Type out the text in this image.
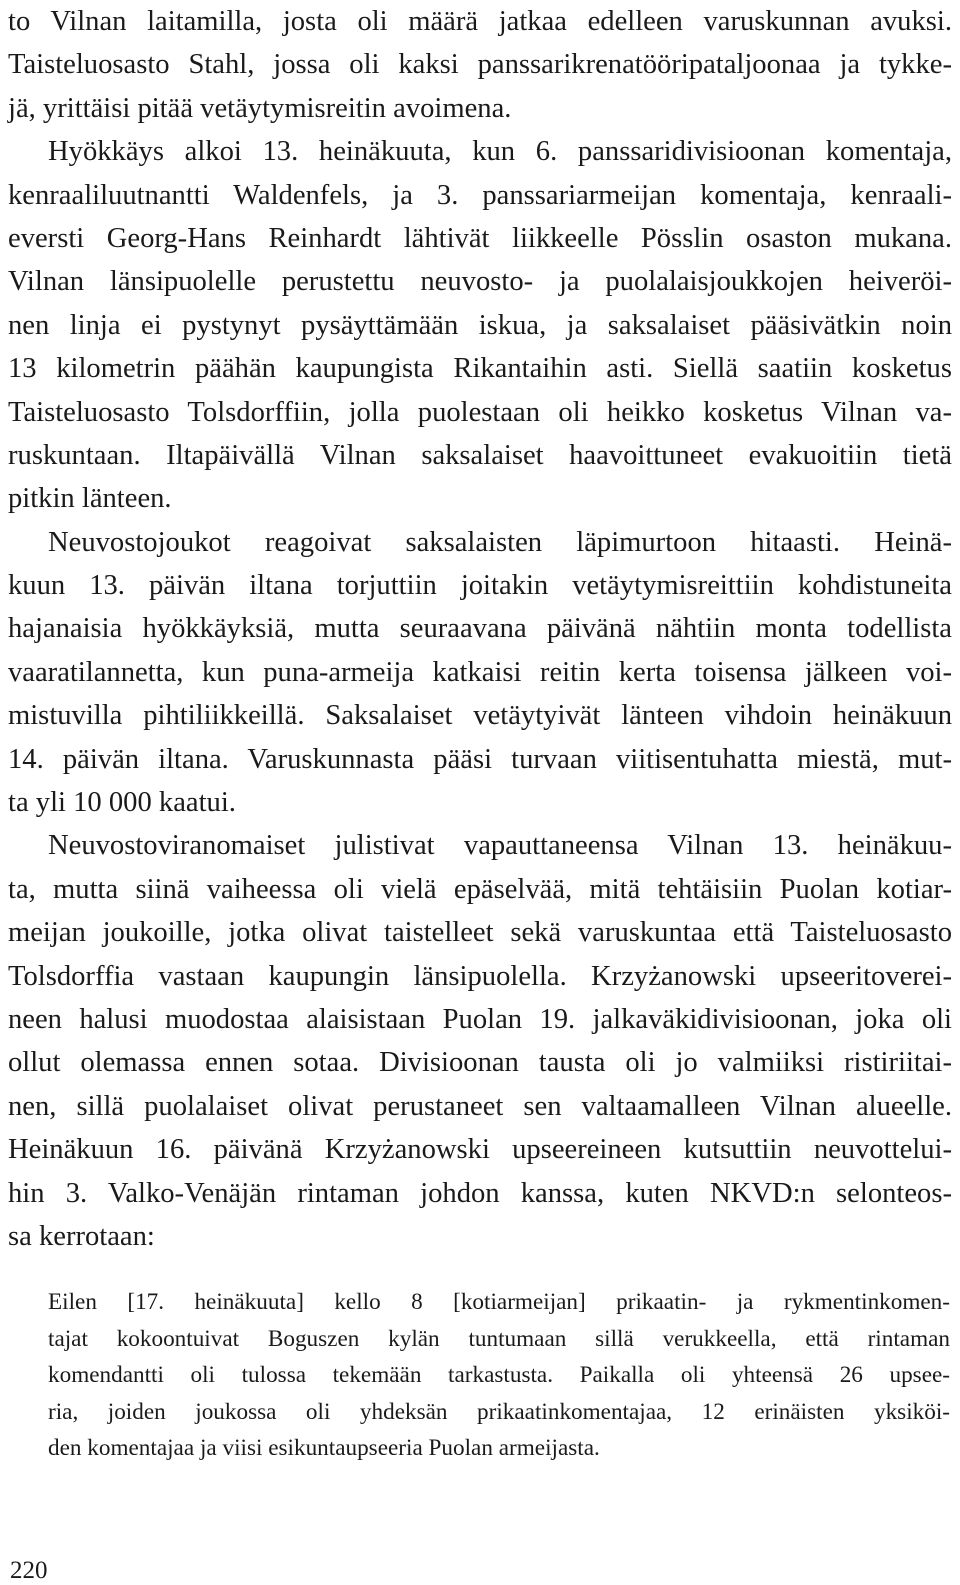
to Vilnan laitamilla, josta oli määrä jatkaa edelleen varuskunnan avuksi.
Taisteluosasto Stahl, jossa oli kaksi panssarikrenatööripataljoonaa ja tykke-
jä, yrittäisi pitää vetäytymisreitin avoimena.
Hyökkäys alkoi 13. heinäkuuta, kun 6. panssaridivisioonan komentaja,
kenraaliluutnantti Waldenfels, ja 3. panssariarmeijan komentaja, kenraali-
eversti Georg-Hans Reinhardt lähtivät liikkeelle Pösslin osaston mukana.
Vilnan länsipuolelle perustettu neuvosto- ja puolalaisjoukkojen heiveröi-
nen linja ei pystynyt pysäyttämään iskua, ja saksalaiset pääsivätkin noin
13 kilometrin päähän kaupungista Rikantaihin asti. Siellä saatiin kosketus
Taisteluosasto Tolsdorffiin, jolla puolestaan oli heikko kosketus Vilnan va-
ruskuntaan. Iltapäivällä Vilnan saksalaiset haavoittuneet evakuoitiin tietä
pitkin länteen.
Neuvostojoukot reagoivat saksalaisten läpimurtoon hitaasti. Heinä-
kuun 13. päivän iltana torjuttiin joitakin vetäytymisreittiin kohdistuneita
hajanaisia hyökkäyksiä, mutta seuraavana päivänä nähtiin monta todellista
vaaratilannetta, kun puna-armeija katkaisi reitin kerta toisensa jälkeen voi-
mistuvilla pihtiliikkeillä. Saksalaiset vetäytyivät länteen vihdoin heinäkuun
14. päivän iltana. Varuskunnasta pääsi turvaan viitisentuhatta miestä, mut-
ta yli 10 000 kaatui.
Neuvostoviranomaiset julistivat vapauttaneensa Vilnan 13. heinäkuu-
ta, mutta siinä vaiheessa oli vielä epäselvää, mitä tehtäisiin Puolan kotiar-
meijan joukoille, jotka olivat taistelleet sekä varuskuntaa että Taisteluosasto
Tolsdorffia vastaan kaupungin länsipuolella. Krzyżanowski upseeritoverei-
neen halusi muodostaa alaisistaan Puolan 19. jalkaväkidivisioonan, joka oli
ollut olemassa ennen sotaa. Divisioonan tausta oli jo valmiiksi ristiriitai-
nen, sillä puolalaiset olivat perustaneet sen valtaamalleen Vilnan alueelle.
Heinäkuun 16. päivänä Krzyżanowski upseereineen kutsuttiin neuvottelui-
hin 3. Valko-Venäjän rintaman johdon kanssa, kuten NKVD:n selonteos-
sa kerrotaan:
Eilen [17. heinäkuuta] kello 8 [kotiarmeijan] prikaatin- ja rykmentinkomen-
tajat kokoontuivat Boguszen kylän tuntumaan sillä verukkeella, että rintaman
komendantti oli tulossa tekemään tarkastusta. Paikalla oli yhteensä 26 upsee-
ria, joiden joukossa oli yhdeksän prikaatinkomentajaa, 12 erinäisten yksiköi-
den komentajaa ja viisi esikuntaupseeria Puolan armeijasta.
220
